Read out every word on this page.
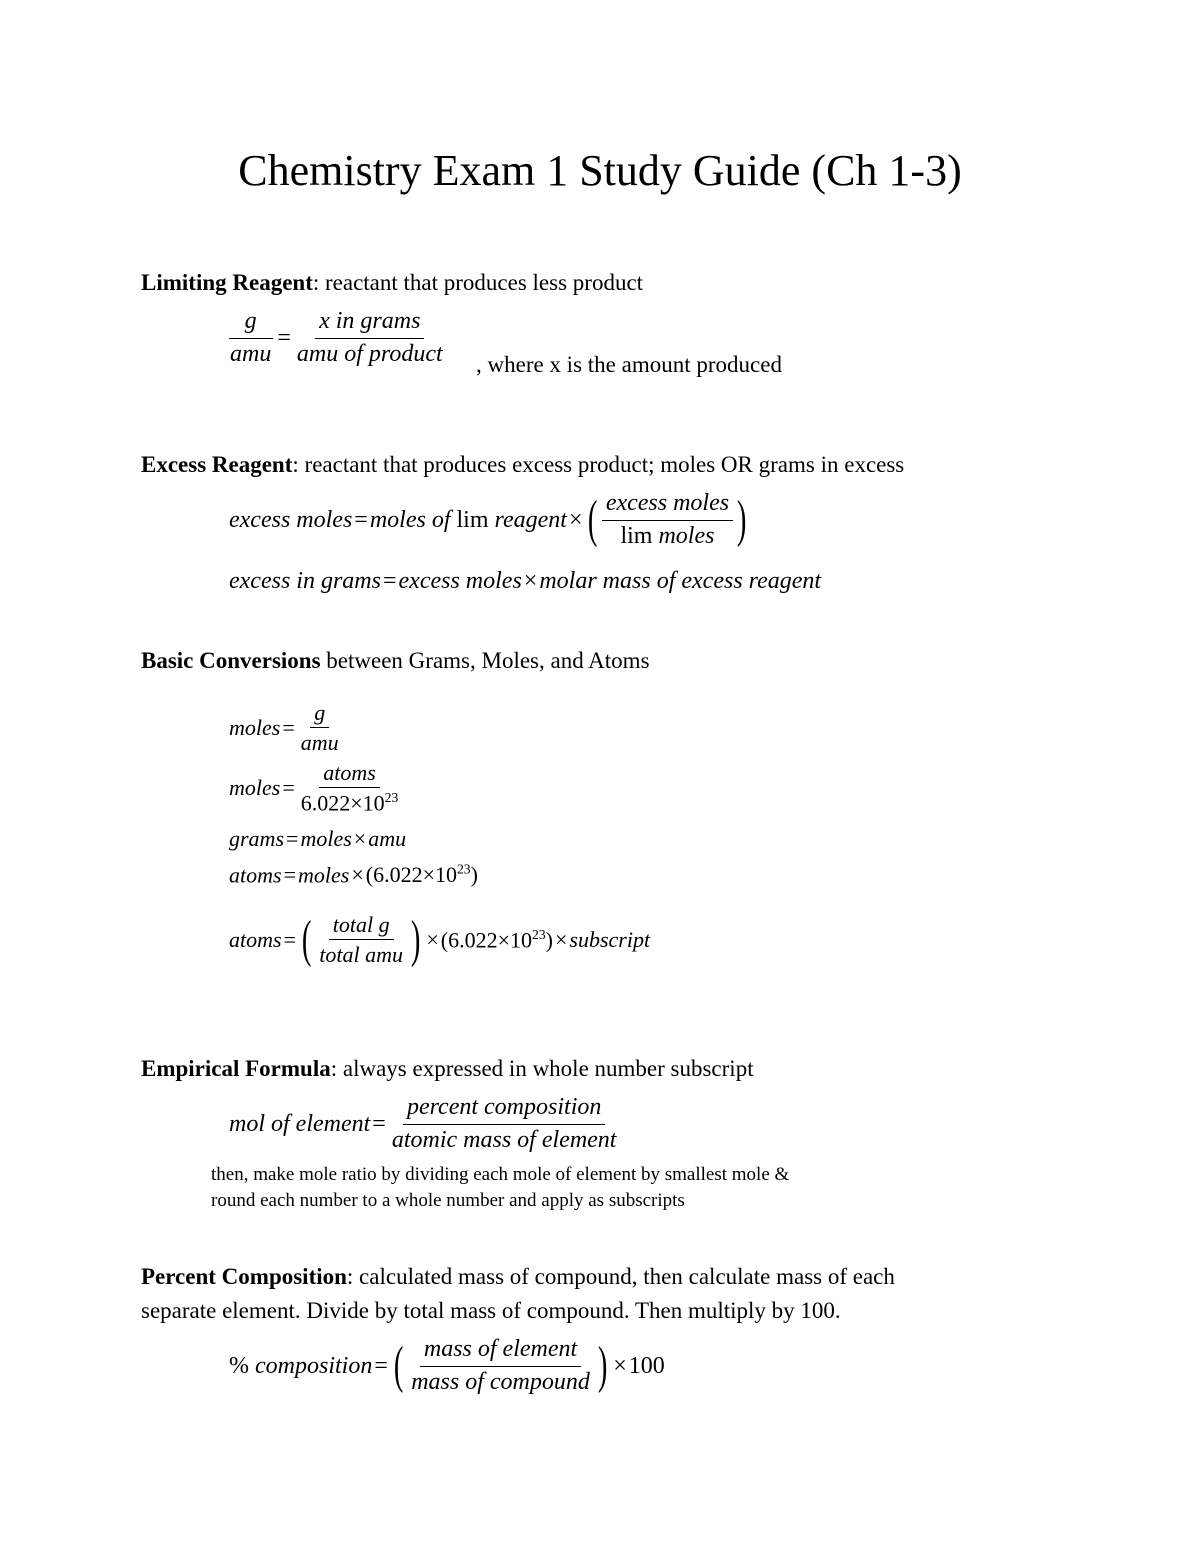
Chemistry Exam 1 Study Guide (Ch 1-3)
Limiting Reagent: reactant that produces less product
$\frac{g}{\text{amu}} = \frac{\text{x in grams}}{\text{amu of product}}$ , where x is the amount produced
Excess Reagent: reactant that produces excess product; moles OR grams in excess
excess moles = moles of
lim
reagent × ( $\frac{\text{excess moles}}{\text{lim moles}}$ )
excess in grams=excess moles×molar mass of excess reagent
Basic Conversions between Grams, Moles, and Atoms
moles = $\frac{g}{\text{amu}}$
moles = $\frac{\text{atoms}}{6.022\times 10^{23}}$
grams=moles×amu
$atoms=moles\times(6.022\times 10^{23})$
atoms = ( $\frac{\text{total g}}{\text{total amu}}$ ) × $(6.022\times 10^{23})$ × subscript
Empirical Formula: always expressed in whole number subscript
mol of element = $\frac{\text{percent composition}}{\text{atomic mass of element}}$
then, make mole ratio by dividing each mole of element by smallest mole &
round each number to a whole number and apply as subscripts
Percent Composition: calculated mass of compound, then calculate mass of each
separate element. Divide by total mass of compound. Then multiply by 100.
%
composition = ( $\frac{\text{mass of element}}{\text{mass of compound}}$ ) × 100
